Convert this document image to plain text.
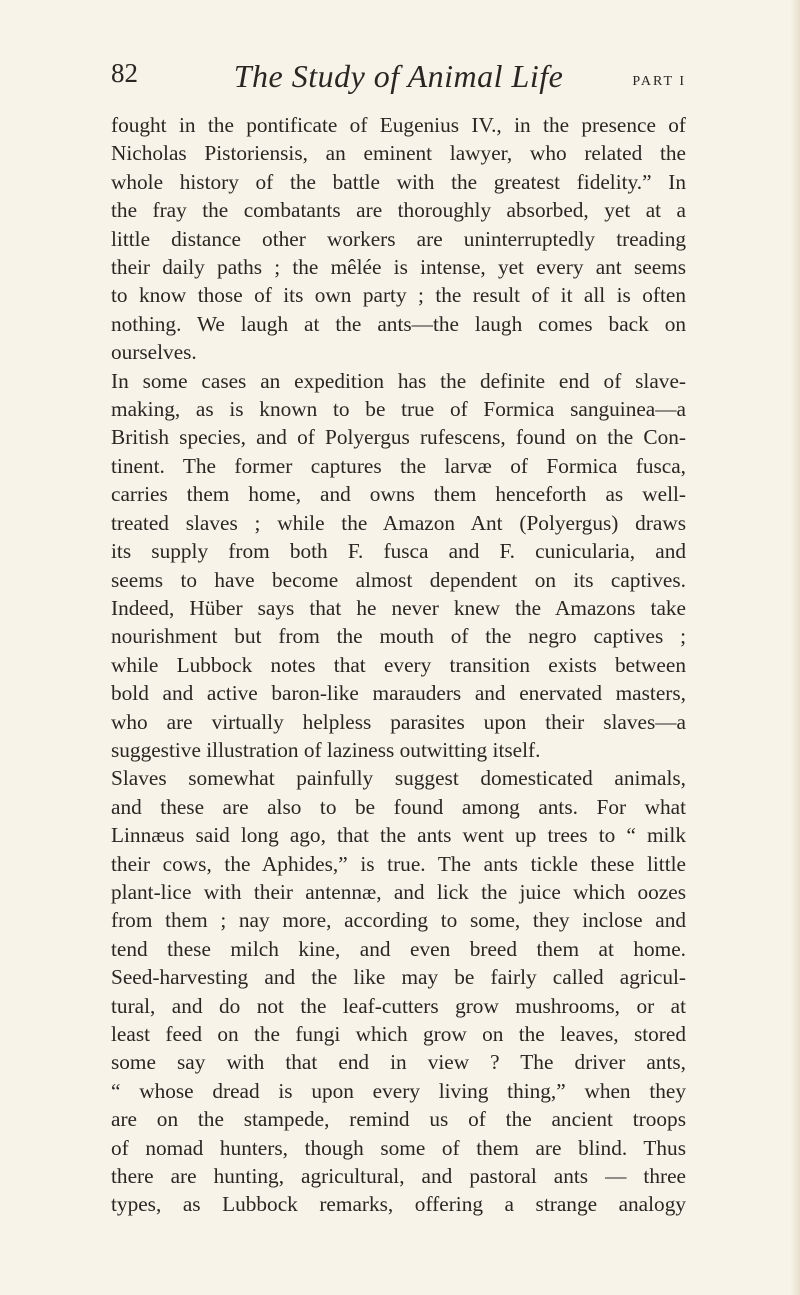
82	The Study of Animal Life	PART I
fought in the pontificate of Eugenius IV., in the presence of
Nicholas Pistoriensis, an eminent lawyer, who related the
whole history of the battle with the greatest fidelity.” In
the fray the combatants are thoroughly absorbed, yet at a
little distance other workers are uninterruptedly treading
their daily paths ; the mêlée is intense, yet every ant seems
to know those of its own party ; the result of it all is often
nothing. We laugh at the ants—the laugh comes back on
ourselves.
In some cases an expedition has the definite end of slave-
making, as is known to be true of Formica sanguinea—a
British species, and of Polyergus rufescens, found on the Con-
tinent. The former captures the larvæ of Formica fusca,
carries them home, and owns them henceforth as well-
treated slaves ; while the Amazon Ant (Polyergus) draws
its supply from both F. fusca and F. cunicularia, and
seems to have become almost dependent on its captives.
Indeed, Hüber says that he never knew the Amazons take
nourishment but from the mouth of the negro captives ;
while Lubbock notes that every transition exists between
bold and active baron-like marauders and enervated masters,
who are virtually helpless parasites upon their slaves—a
suggestive illustration of laziness outwitting itself.
Slaves somewhat painfully suggest domesticated animals,
and these are also to be found among ants. For what
Linnæus said long ago, that the ants went up trees to “ milk
their cows, the Aphides,” is true. The ants tickle these little
plant-lice with their antennæ, and lick the juice which oozes
from them ; nay more, according to some, they inclose and
tend these milch kine, and even breed them at home.
Seed-harvesting and the like may be fairly called agricul-
tural, and do not the leaf-cutters grow mushrooms, or at
least feed on the fungi which grow on the leaves, stored
some say with that end in view ? The driver ants,
“ whose dread is upon every living thing,” when they
are on the stampede, remind us of the ancient troops
of nomad hunters, though some of them are blind. Thus
there are hunting, agricultural, and pastoral ants — three
types, as Lubbock remarks, offering a strange analogy
